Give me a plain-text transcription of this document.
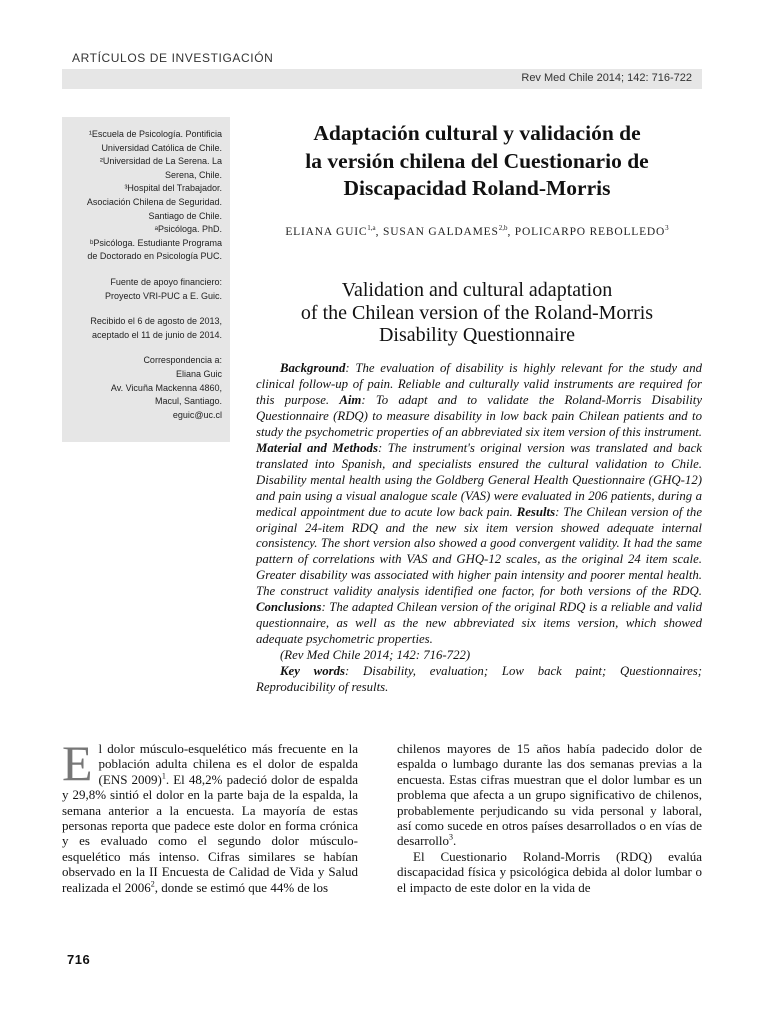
ARTÍCULOS DE INVESTIGACIÓN
Rev Med Chile 2014; 142: 716-722

¹Escuela de Psicología. Pontificia

Universidad Católica de Chile.

²Universidad de La Serena. La

Serena, Chile.

³Hospital del Trabajador.

Asociación Chilena de Seguridad.

Santiago de Chile.

ᵃPsicóloga. PhD.

ᵇPsicóloga. Estudiante Programa

de Doctorado en Psicología PUC.

Fuente de apoyo financiero:

Proyecto VRI-PUC a E. Guic.

Recibido el 6 de agosto de 2013,

aceptado el 11 de junio de 2014.

Correspondencia a:

Eliana Guic

Av. Vicuña Mackenna 4860,

Macul, Santiago.

eguic@uc.cl

Adaptación cultural y validación de
la versión chilena del Cuestionario de
Discapacidad Roland-Morris
ELIANA GUIC$^{1,a}$, SUSAN GALDAMES$^{2,b}$, POLICARPO REBOLLEDO$^3$
Validation and cultural adaptation
of the Chilean version of the Roland-Morris
Disability Questionnaire

Background: The evaluation of disability is highly relevant for the study and clinical follow-up of pain. Reliable and culturally valid instruments are required for this purpose. Aim: To adapt and to validate the Roland-Morris Disability Questionnaire (RDQ) to measure disability in low back pain Chilean patients and to study the psychometric properties of an abbreviated six item version of this instrument. Material and Methods: The instrument's original version was translated and back translated into Spanish, and specialists ensured the cultural validation to Chile. Disability mental health using the Goldberg General Health Questionnaire (GHQ-12) and pain using a visual analogue scale (VAS) were evaluated in 206 patients, during a medical appointment due to acute low back pain. Results: The Chilean version of the original 24-item RDQ and the new six item version showed adequate internal consistency. The short version also showed a good convergent validity. It had the same pattern of correlations with VAS and GHQ-12 scales, as the original 24 item scale. Greater disability was associated with higher pain intensity and poorer mental health. The construct validity analysis identified one factor, for both versions of the RDQ. Conclusions: The adapted Chilean version of the original RDQ is a reliable and valid questionnaire, as well as the new abbreviated six items version, which showed adequate psychometric properties.

(Rev Med Chile 2014; 142: 716-722)

Key words: Disability, evaluation; Low back paint; Questionnaires; Reproducibility of results.

El dolor músculo-esquelético más frecuente en la población adulta chilena es el dolor de espalda (ENS 2009)$^1$. El 48,2% padeció dolor de espalda y 29,8% sintió el dolor en la parte baja de la espalda, la semana anterior a la encuesta. La mayoría de estas personas reporta que padece este dolor en forma crónica y es evaluado como el segundo dolor músculo-esquelético más intenso. Cifras similares se habían observado en la II Encuesta de Calidad de Vida y Salud realizada el 2006$^2$, donde se estimó que 44% de los

chilenos mayores de 15 años había padecido dolor de espalda o lumbago durante las dos semanas previas a la encuesta. Estas cifras muestran que el dolor lumbar es un problema que afecta a un grupo significativo de chilenos, probablemente perjudicando su vida personal y laboral, así como sucede en otros países desarrollados o en vías de desarrollo$^3$.

El Cuestionario Roland-Morris (RDQ) evalúa discapacidad física y psicológica debida al dolor lumbar o el impacto de este dolor en la vida de

716
